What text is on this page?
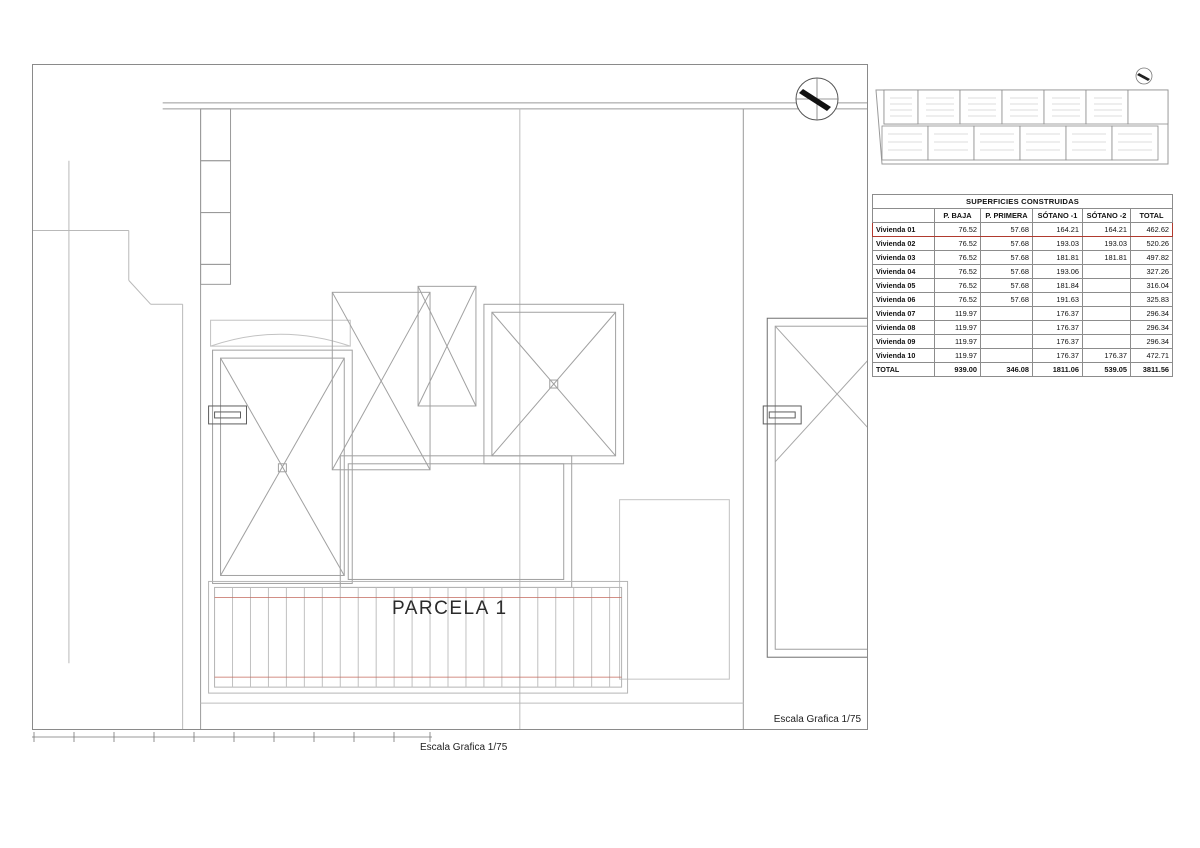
Escala Grafica 1/75
PARCELA 1
Escala Grafica 1/75
SUPERFICIES CONSTRUIDAS					
	P. BAJA	P. PRIMERA	SÓTANO -1	SÓTANO -2	TOTAL
Vivienda 01	76.52	57.68	164.21	164.21	462.62
Vivienda 02	76.52	57.68	193.03	193.03	520.26
Vivienda 03	76.52	57.68	181.81	181.81	497.82
Vivienda 04	76.52	57.68	193.06		327.26
Vivienda 05	76.52	57.68	181.84		316.04
Vivienda 06	76.52	57.68	191.63		325.83
Vivienda 07	119.97		176.37		296.34
Vivienda 08	119.97		176.37		296.34
Vivienda 09	119.97		176.37		296.34
Vivienda 10	119.97		176.37	176.37	472.71
TOTAL	939.00	346.08	1811.06	539.05	3811.56
